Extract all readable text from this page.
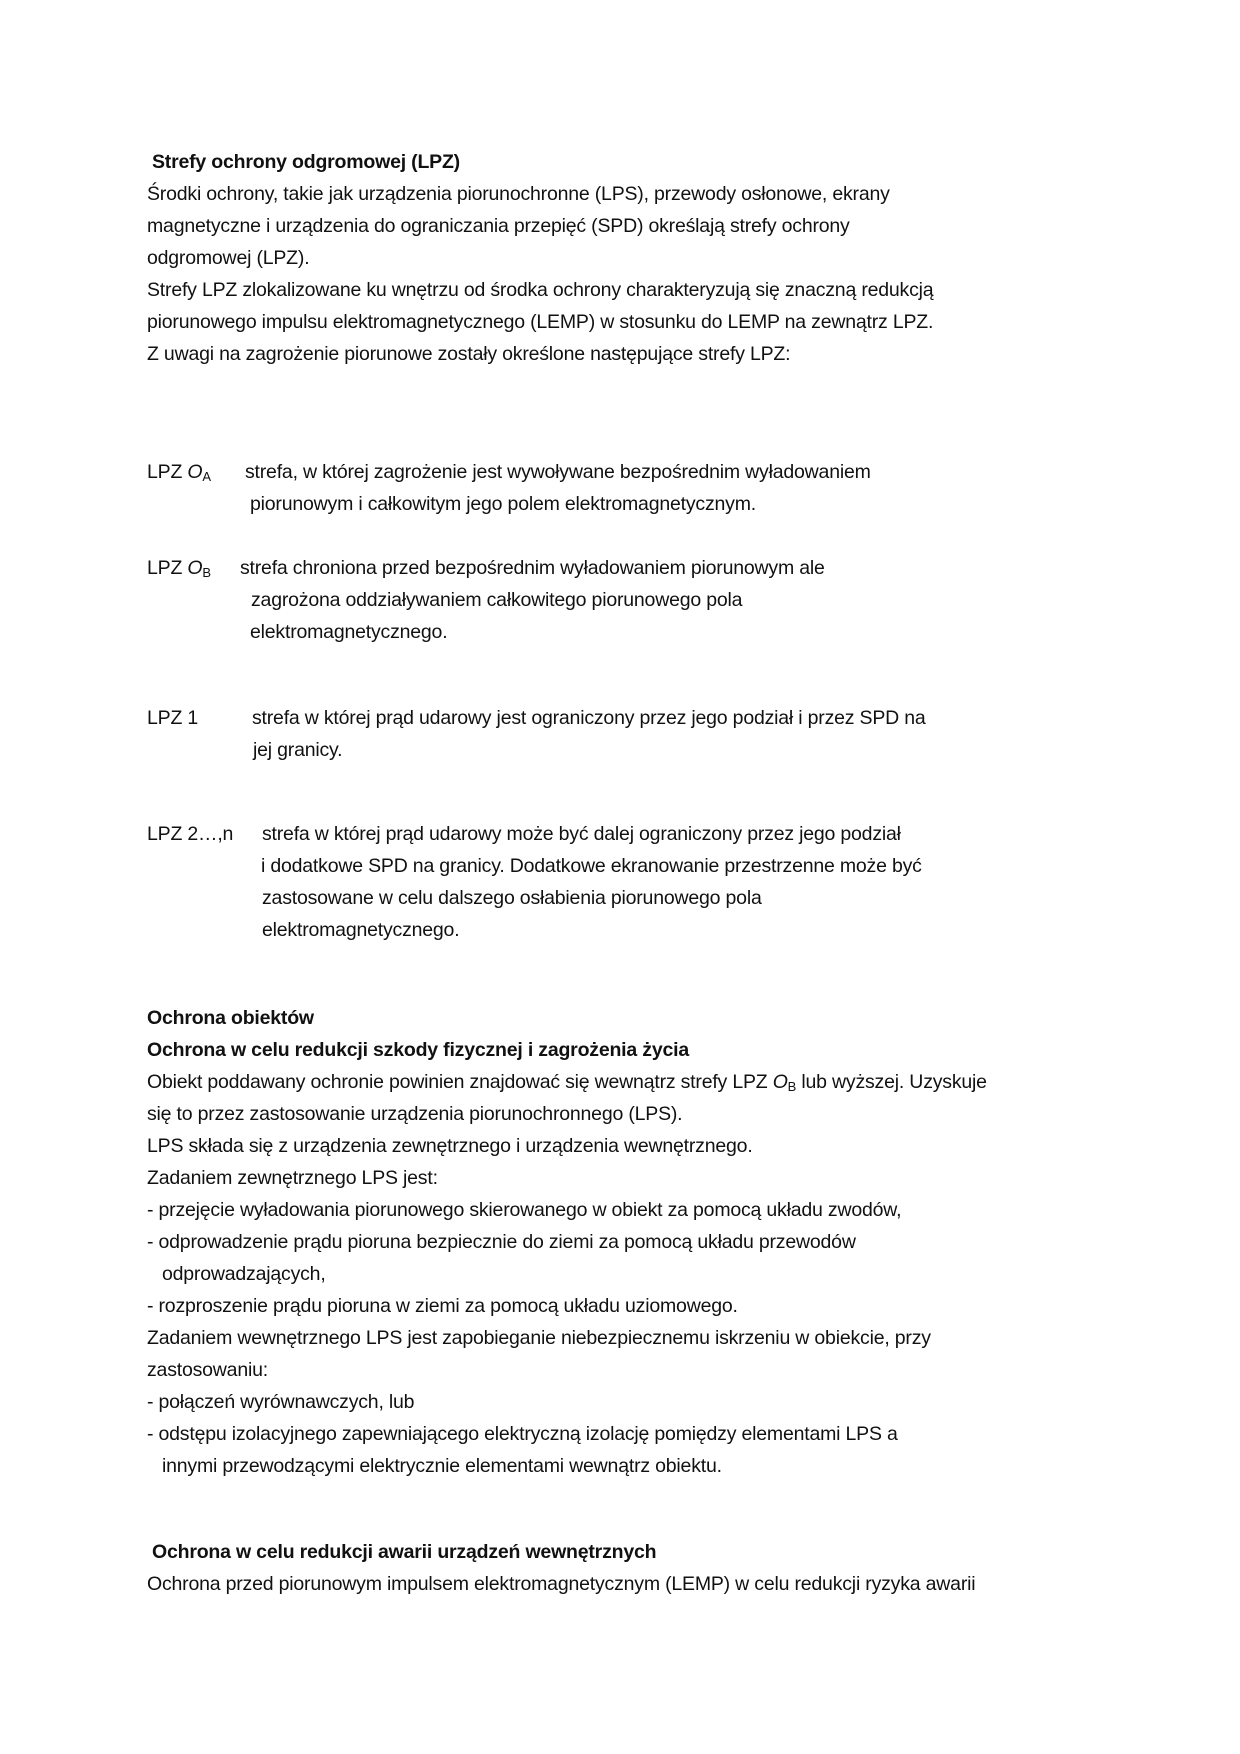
Strefy ochrony odgromowej (LPZ)
Środki ochrony, takie jak urządzenia piorunochronne (LPS), przewody osłonowe, ekrany
magnetyczne i urządzenia do ograniczania przepięć (SPD) określają strefy ochrony
odgromowej (LPZ).
Strefy LPZ zlokalizowane ku wnętrzu od środka ochrony charakteryzują się znaczną redukcją
piorunowego impulsu elektromagnetycznego (LEMP) w stosunku do LEMP na zewnątrz LPZ.
Z uwagi na zagrożenie piorunowe zostały określone następujące strefy LPZ:
LPZ $O_A$ strefa, w której zagrożenie jest wywoływane bezpośrednim wyładowaniem
piorunowym i całkowitym jego polem elektromagnetycznym.
LPZ $O_B$ strefa chroniona przed bezpośrednim wyładowaniem piorunowym ale
zagrożona oddziaływaniem całkowitego piorunowego pola
elektromagnetycznego.
LPZ 1	strefa w której prąd udarowy jest ograniczony przez jego podział i przez SPD na
jej granicy.
LPZ 2…,n strefa w której prąd udarowy może być dalej ograniczony przez jego podział
i dodatkowe SPD na granicy. Dodatkowe ekranowanie przestrzenne może być
zastosowane w celu dalszego osłabienia piorunowego pola
elektromagnetycznego.
Ochrona obiektów
Ochrona w celu redukcji szkody fizycznej i zagrożenia życia
Obiekt poddawany ochronie powinien znajdować się wewnątrz strefy LPZ $O_B$ lub wyższej. Uzyskuje
się to przez zastosowanie urządzenia piorunochronnego (LPS).
LPS składa się z urządzenia zewnętrznego i urządzenia wewnętrznego.
Zadaniem zewnętrznego LPS jest:
- przejęcie wyładowania piorunowego skierowanego w obiekt za pomocą układu zwodów,
- odprowadzenie prądu pioruna bezpiecznie do ziemi za pomocą układu przewodów
odprowadzających,
- rozproszenie prądu pioruna w ziemi za pomocą układu uziomowego.
Zadaniem wewnętrznego LPS jest zapobieganie niebezpiecznemu iskrzeniu w obiekcie, przy
zastosowaniu:
- połączeń wyrównawczych, lub
- odstępu izolacyjnego zapewniającego elektryczną izolację pomiędzy elementami LPS a
innymi przewodzącymi elektrycznie elementami wewnątrz obiektu.
Ochrona w celu redukcji awarii urządzeń wewnętrznych
Ochrona przed piorunowym impulsem elektromagnetycznym (LEMP) w celu redukcji ryzyka awarii
